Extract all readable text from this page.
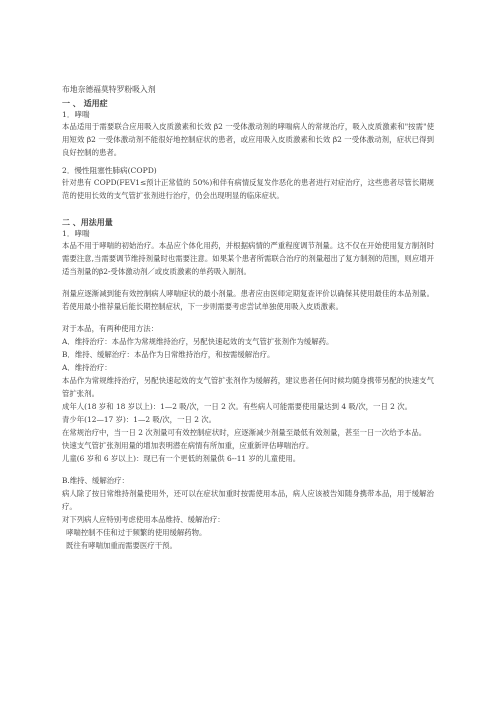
布地奈德福莫特罗粉吸入剂
一 、 适用症
1．哮喘
本品适用于需要联合应用吸入皮质激素和长效 β2 一受体激动剂的哮喘病人的常规治疗，吸入皮质激素和"按需"使用短效 β2 一受体激动剂不能很好地控制症状的患者，或应用吸入皮质激素和长效 β2 一受体激动剂，症状已得到良好控制的患者。
2．慢性阻塞性肺病(COPD)
针对患有 COPD(FEV1≤预计正常值的 50%)和伴有病情反复发作恶化的患者进行对症治疗，这些患者尽管长期规范的使用长效的支气管扩张剂进行治疗，仍会出现明显的临床症状。
二 、用法用量
1．哮喘
本品不用于哮喘的初始治疗。本品应个体化用药，并根据病情的严重程度调节剂量。这不仅在开始使用复方制剂时需要注意,当需要调节维持剂量时也需要注意。如果某个患者所需联合治疗的剂量超出了复方制剂的范围，则应增开适当剂量的β2-受体激动剂／或皮质激素的单药吸入制剂。
剂量应逐渐减到能有效控制病人哮喘症状的最小剂量。患者应由医师定期复查评价以确保其使用最佳的本品剂量。若使用最小推荐量后能长期控制症状，下一步则需要考虑尝试单独使用吸入皮质激素。
对于本品，有两种使用方法：
A．维持治疗：本品作为常规维持治疗，另配快速起效的支气管扩张剂作为缓解药。
B．维持、缓解治疗：本品作为日常维持治疗，和按需缓解治疗。
A．维持治疗：
本品作为常规维持治疗，另配快速起效的支气管扩张剂作为缓解药，建议患者任何时候均随身携带另配的快速支气管扩张剂。
成年人(18 岁和 18 岁以上)：1—2 吸/次，一日 2 次。有些病人可能需要使用量达到 4 吸/次，一日 2 次。
青少年(12—17 岁)：1—2 吸/次，一日 2 次。
在常规治疗中，当一日 2 次剂量可有效控制症状时，应逐渐减少剂量至最低有效剂量，甚至一日一次给予本品。
快速支气管扩张剂用量的增加表明潜在病情有所加重，应重新评估哮喘治疗。
儿童(6 岁和 6 岁以上)：现已有一个更低的剂量供 6--11 岁的儿童使用。
B.维持、缓解治疗：
病人除了按日常维持剂量使用外，还可以在症状加重时按需使用本品，病人应该被告知随身携带本品，用于缓解治疗。
对下列病人应特别考虑使用本品维持、缓解治疗：
哮喘控制不佳和过于频繁的使用缓解药物。
既往有哮喘加重而需要医疗干预。
